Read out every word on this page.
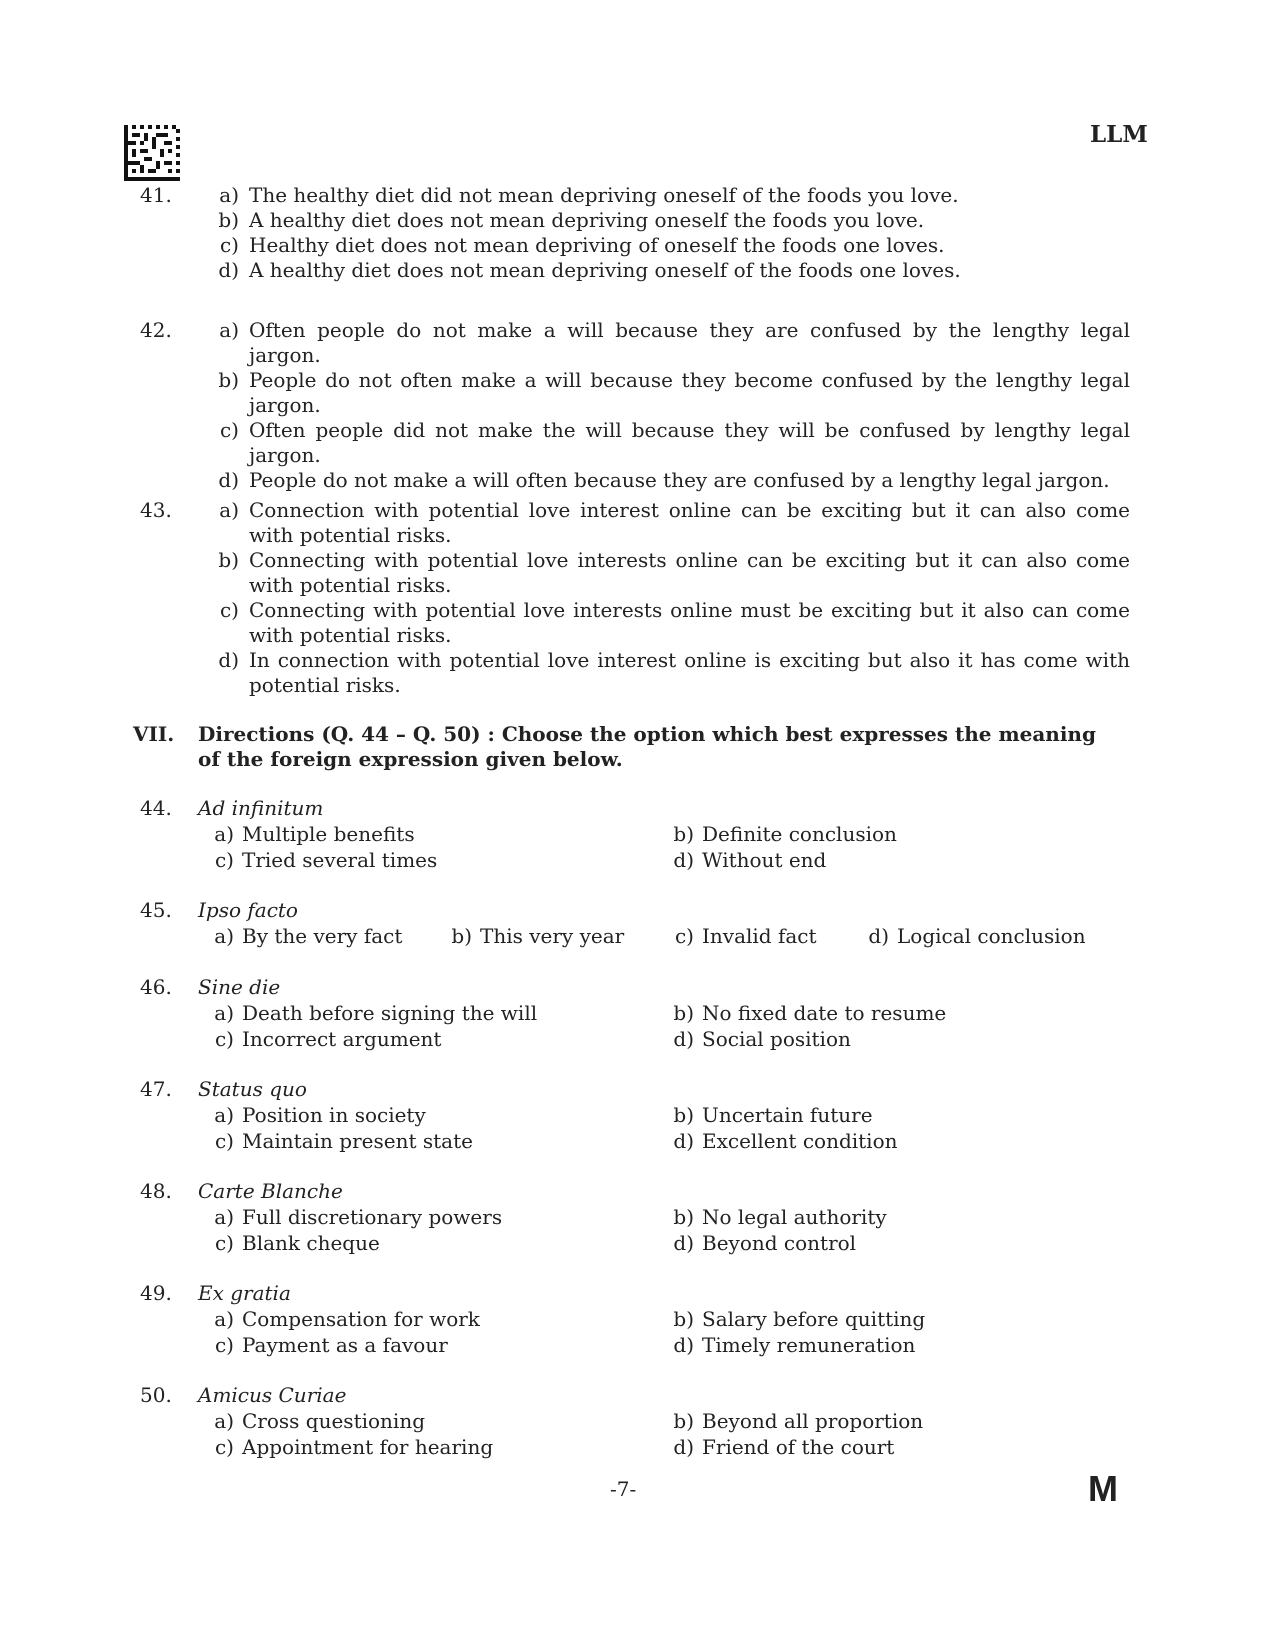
LLM
41.	a) The healthy diet did not mean depriving oneself of the foods you love.
b) A healthy diet does not mean depriving oneself the foods you love.
c) Healthy diet does not mean depriving of oneself the foods one loves.
d) A healthy diet does not mean depriving oneself of the foods one loves.
42.	a) Often people do not make a will because they are confused by the lengthy legal jargon.
b) People do not often make a will because they become confused by the lengthy legal jargon.
c) Often people did not make the will because they will be confused by lengthy legal jargon.
d) People do not make a will often because they are confused by a lengthy legal jargon.
43.	a) Connection with potential love interest online can be exciting but it can also come with potential risks.
b) Connecting with potential love interests online can be exciting but it can also come with potential risks.
c) Connecting with potential love interests online must be exciting but it also can come with potential risks.
d) In connection with potential love interest online is exciting but also it has come with potential risks.
VII. Directions (Q. 44 – Q. 50) : Choose the option which best expresses the meaning of the foreign expression given below.
44. Ad infinitum
a) Multiple benefits	b) Definite conclusion
c) Tried several times	d) Without end
45. Ipso facto
a) By the very fact b) This very year	c) Invalid fact	d) Logical conclusion
46. Sine die
a) Death before signing the will	b) No fixed date to resume
c) Incorrect argument	d) Social position
47. Status quo
a) Position in society	b) Uncertain future
c) Maintain present state	d) Excellent condition
48. Carte Blanche
a) Full discretionary powers	b) No legal authority
c) Blank cheque	d) Beyond control
49. Ex gratia
a) Compensation for work	b) Salary before quitting
c) Payment as a favour	d) Timely remuneration
50. Amicus Curiae
a) Cross questioning	b) Beyond all proportion
c) Appointment for hearing	d) Friend of the court
-7-	M
